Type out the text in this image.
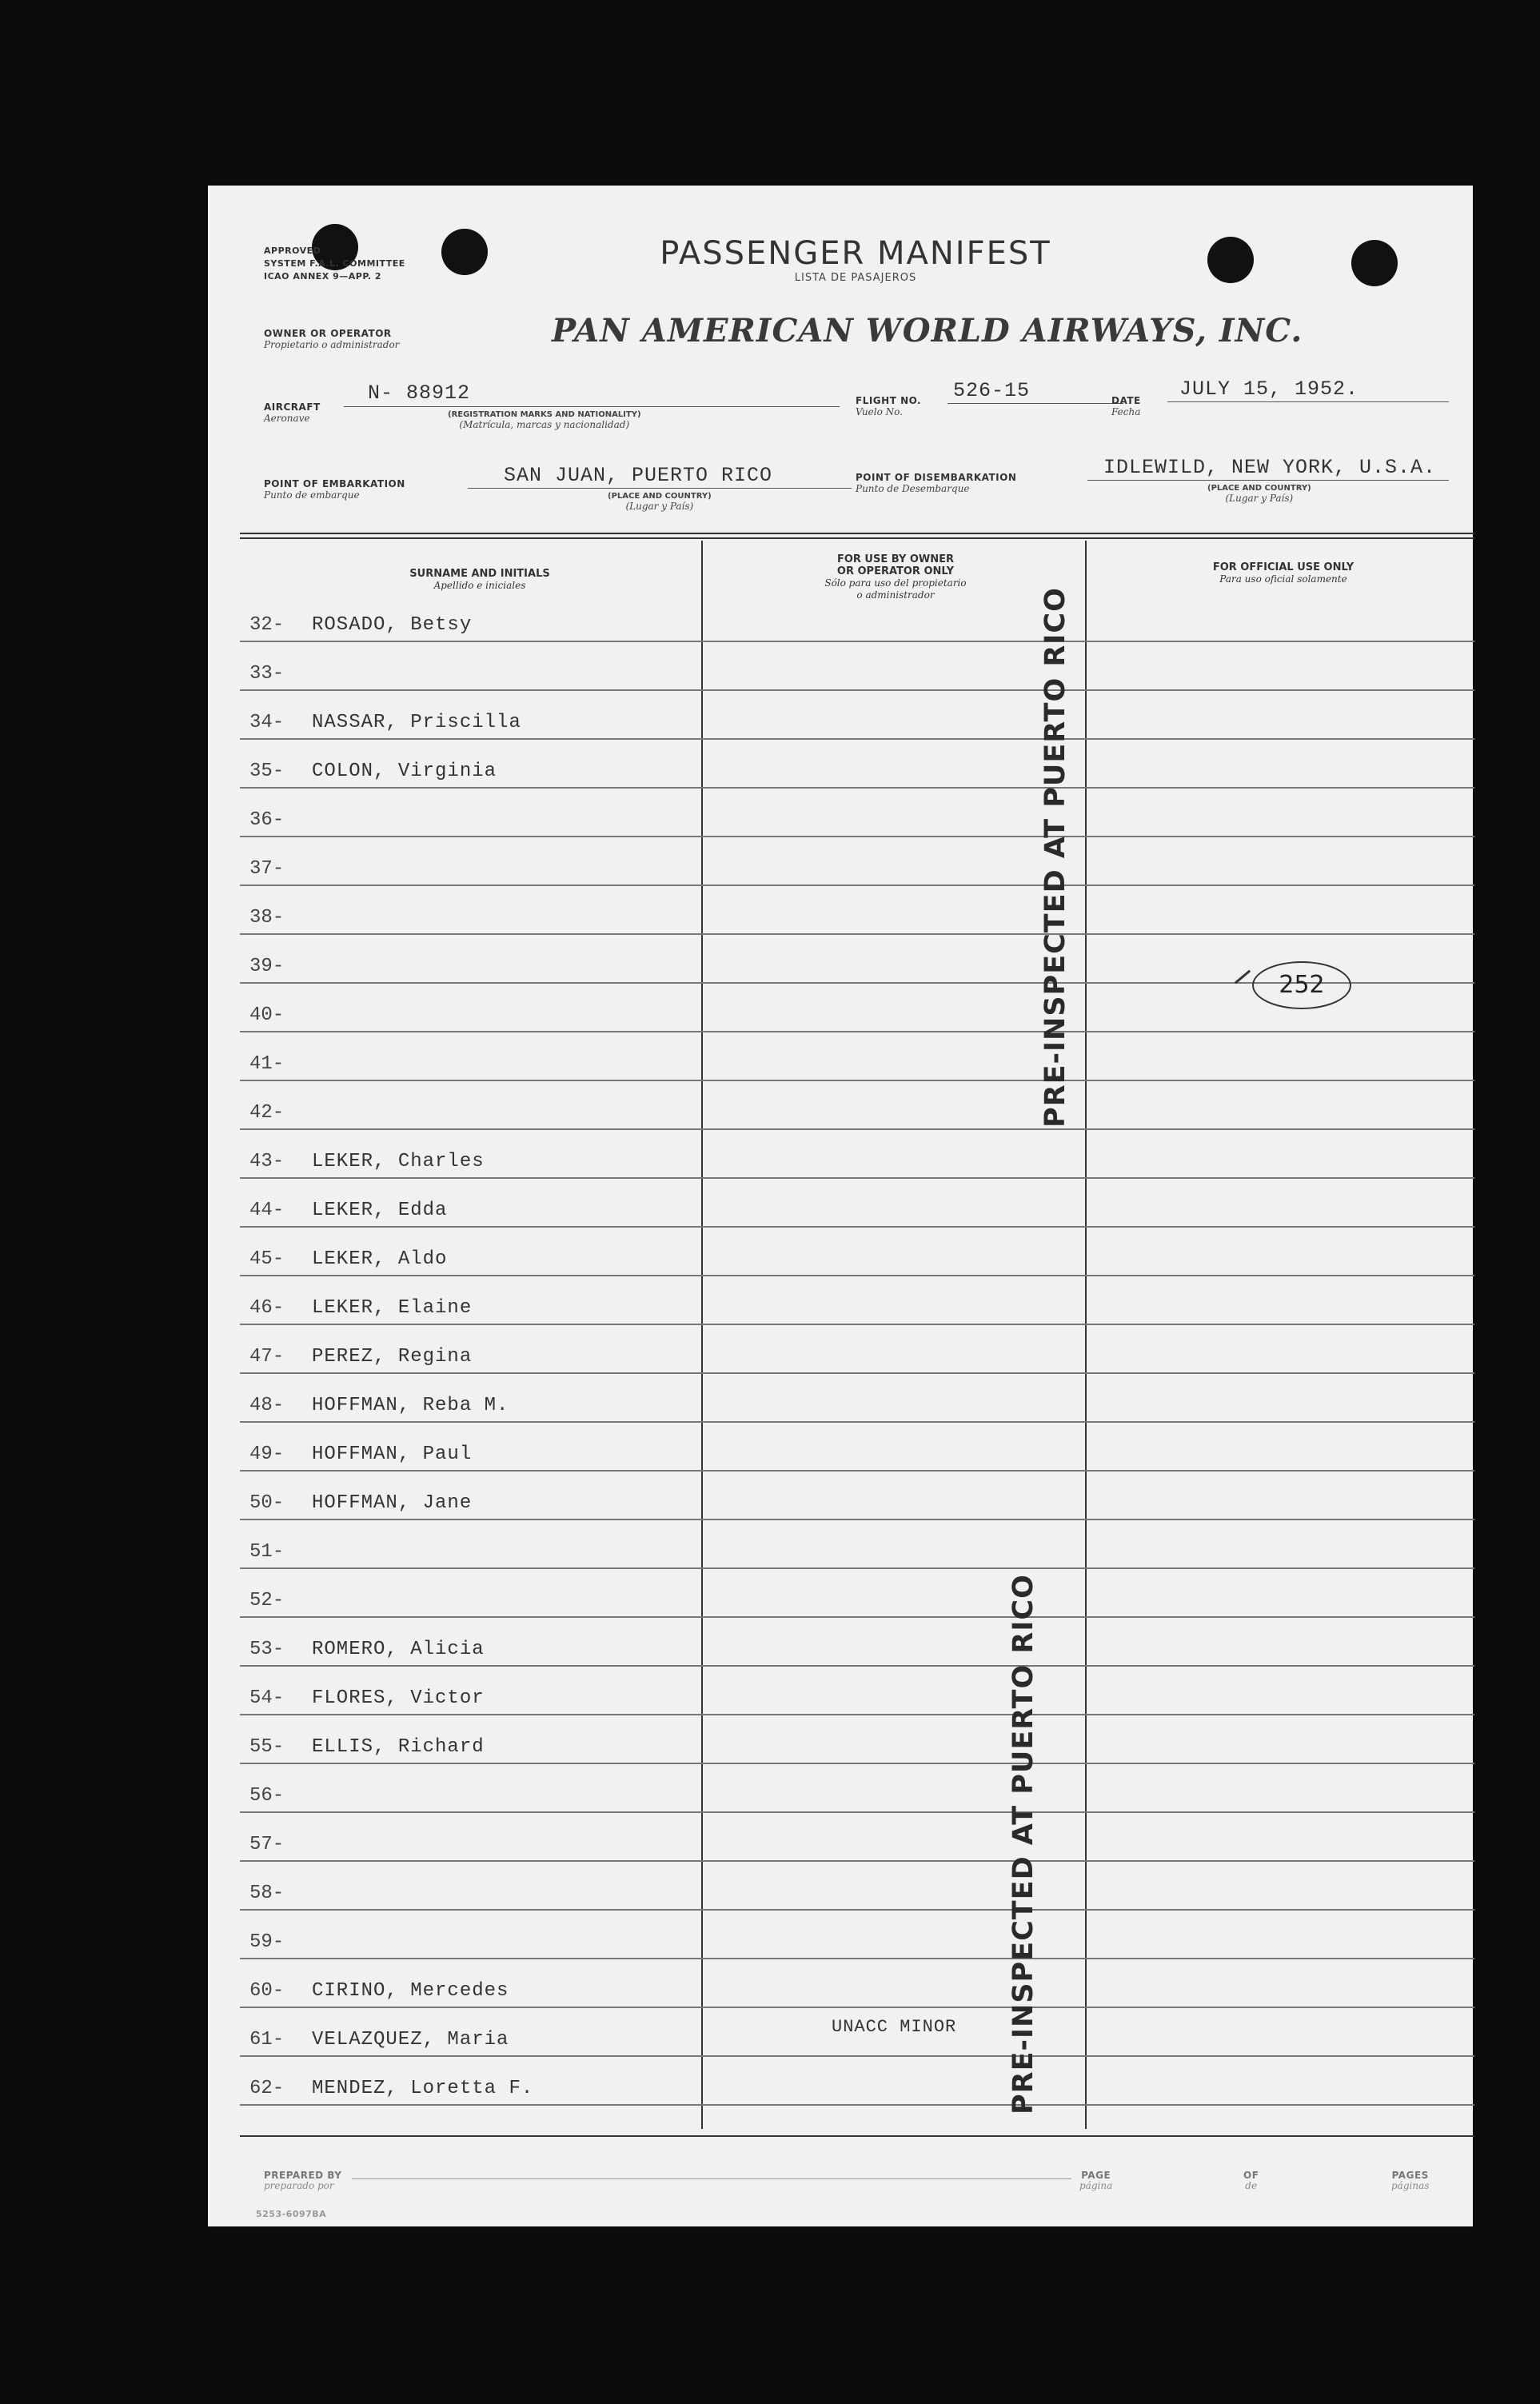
APPROVED
SYSTEM F.A.L. COMMITTEE
ICAO ANNEX 9—APP. 2
PASSENGER MANIFEST
LISTA DE PASAJEROS
OWNER OR OPERATOR
Propietario o administrador	PAN AMERICAN WORLD AIRWAYS, INC.
AIRCRAFT
Aeronave
N- 88912
(REGISTRATION MARKS AND NATIONALITY)
(Matrícula, marcas y nacionalidad)
FLIGHT NO.
Vuelo No.
526-15	DATE
Fecha
JULY 15, 1952.
POINT OF EMBARKATION
Punto de embarque
SAN JUAN, PUERTO RICO
(PLACE AND COUNTRY)
(Lugar y País)
POINT OF DISEMBARKATION
Punto de Desembarque
IDLEWILD, NEW YORK, U.S.A.
(PLACE AND COUNTRY)
(Lugar y País)
SURNAME AND INITIALS
Apellido e iniciales
FOR USE BY OWNER
OR OPERATOR ONLY
Sólo para uso del propietario
o administrador
FOR OFFICIAL USE ONLY
Para uso oficial solamente
32- ROSADO, Betsy
33-
34- NASSAR, Priscilla
35- COLON, Virginia
36-
37-
38-
39-
40-
41-
42-
43- LEKER, Charles
44- LEKER, Edda
45- LEKER, Aldo
46- LEKER, Elaine
47- PEREZ, Regina
48- HOFFMAN, Reba M.
49- HOFFMAN, Paul
50- HOFFMAN, Jane
51-
52-
53- ROMERO, Alicia
54- FLORES, Victor
55- ELLIS, Richard
56-
57-
58-
59-
60- CIRINO, Mercedes
61- VELAZQUEZ, Maria
62- MENDEZ, Loretta F.
PRE-INSPECTED AT PUERTO RICO
PRE-INSPECTED AT PUERTO RICO
252
UNACC MINOR
PREPARED BY
preparado por
PAGE
página
OF
de
PAGES
páginas
5253-6097BA
